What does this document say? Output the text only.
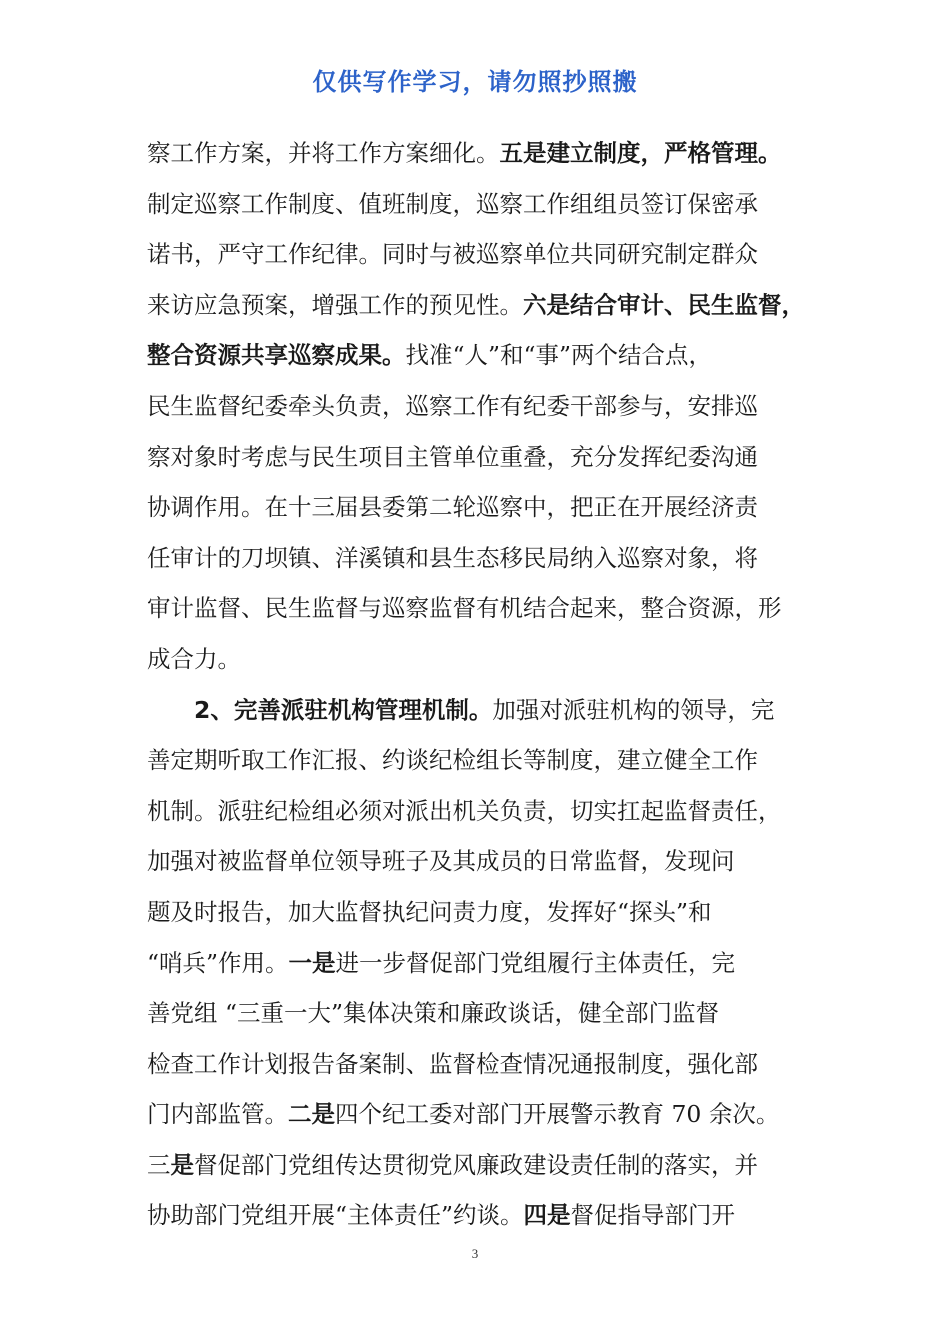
仅供写作学习，请勿照抄照搬
察工作方案，并将工作方案细化。五是建立制度，严格管理。
制定巡察工作制度、值班制度，巡察工作组组员签订保密承
诺书，严守工作纪律。同时与被巡察单位共同研究制定群众
来访应急预案，增强工作的预见性。六是结合审计、民生监督，
整合资源共享巡察成果。找准“人”和“事”两个结合点，
民生监督纪委牵头负责，巡察工作有纪委干部参与，安排巡
察对象时考虑与民生项目主管单位重叠，充分发挥纪委沟通
协调作用。在十三届县委第二轮巡察中，把正在开展经济责
任审计的刀坝镇、洋溪镇和县生态移民局纳入巡察对象，将
审计监督、民生监督与巡察监督有机结合起来，整合资源，形
成合力。
　　2、完善派驻机构管理机制。加强对派驻机构的领导，完
善定期听取工作汇报、约谈纪检组长等制度，建立健全工作
机制。派驻纪检组必须对派出机关负责，切实扛起监督责任，
加强对被监督单位领导班子及其成员的日常监督，发现问
题及时报告，加大监督执纪问责力度，发挥好“探头”和
“哨兵”作用。一是进一步督促部门党组履行主体责任，完
善党组 “三重一大”集体决策和廉政谈话，健全部门监督
检查工作计划报告备案制、监督检查情况通报制度，强化部
门内部监管。二是四个纪工委对部门开展警示教育 70 余次。
三是督促部门党组传达贯彻党风廉政建设责任制的落实，并
协助部门党组开展“主体责任”约谈。四是督促指导部门开
3
